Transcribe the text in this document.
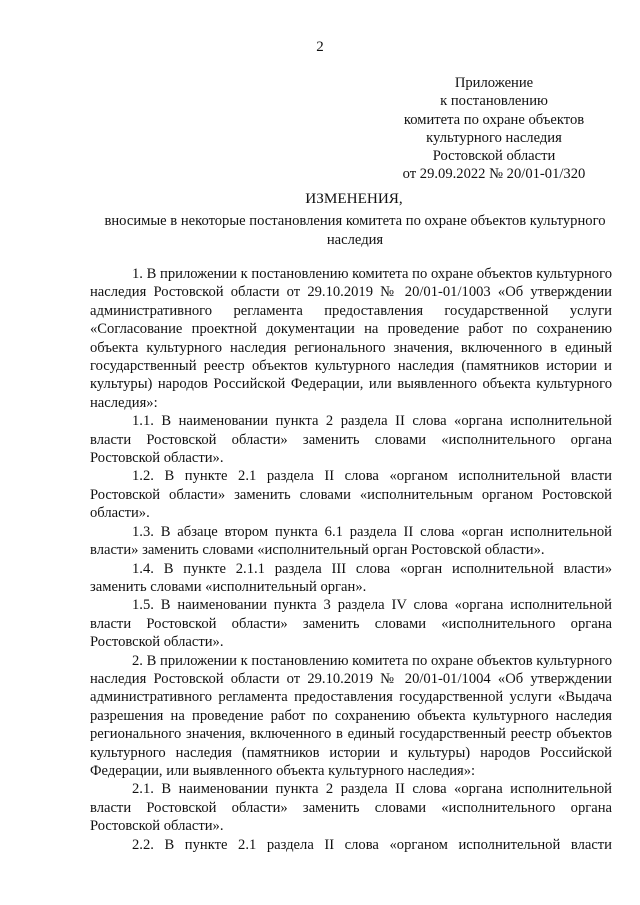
2
Приложение
к постановлению
комитета по охране объектов
культурного наследия
Ростовской области
от 29.09.2022 № 20/01-01/320
ИЗМЕНЕНИЯ,
вносимые в некоторые постановления комитета по охране объектов культурного наследия

1. В приложении к постановлению комитета по охране объектов культурного наследия Ростовской области от 29.10.2019 № 20/01-01/1003 «Об утверждении административного регламента предоставления государственной услуги «Согласование проектной документации на проведение работ по сохранению объекта культурного наследия регионального значения, включенного в единый государственный реестр объектов культурного наследия (памятников истории и культуры) народов Российской Федерации, или выявленного объекта культурного наследия»:

1.1. В наименовании пункта 2 раздела II слова «органа исполнительной власти Ростовской области» заменить словами «исполнительного органа Ростовской области».

1.2. В пункте 2.1 раздела II слова «органом исполнительной власти Ростовской области» заменить словами «исполнительным органом Ростовской области».

1.3. В абзаце втором пункта 6.1 раздела II слова «орган исполнительной власти» заменить словами «исполнительный орган Ростовской области».

1.4. В пункте 2.1.1 раздела III слова «орган исполнительной власти» заменить словами «исполнительный орган».

1.5. В наименовании пункта 3 раздела IV слова «органа исполнительной власти Ростовской области» заменить словами «исполнительного органа Ростовской области».

2. В приложении к постановлению комитета по охране объектов культурного наследия Ростовской области от 29.10.2019 № 20/01-01/1004 «Об утверждении административного регламента предоставления государственной услуги «Выдача разрешения на проведение работ по сохранению объекта культурного наследия регионального значения, включенного в единый государственный реестр объектов культурного наследия (памятников истории и культуры) народов Российской Федерации, или выявленного объекта культурного наследия»:

2.1. В наименовании пункта 2 раздела II слова «органа исполнительной власти Ростовской области» заменить словами «исполнительного органа Ростовской области».

2.2. В пункте 2.1 раздела II слова «органом исполнительной власти
